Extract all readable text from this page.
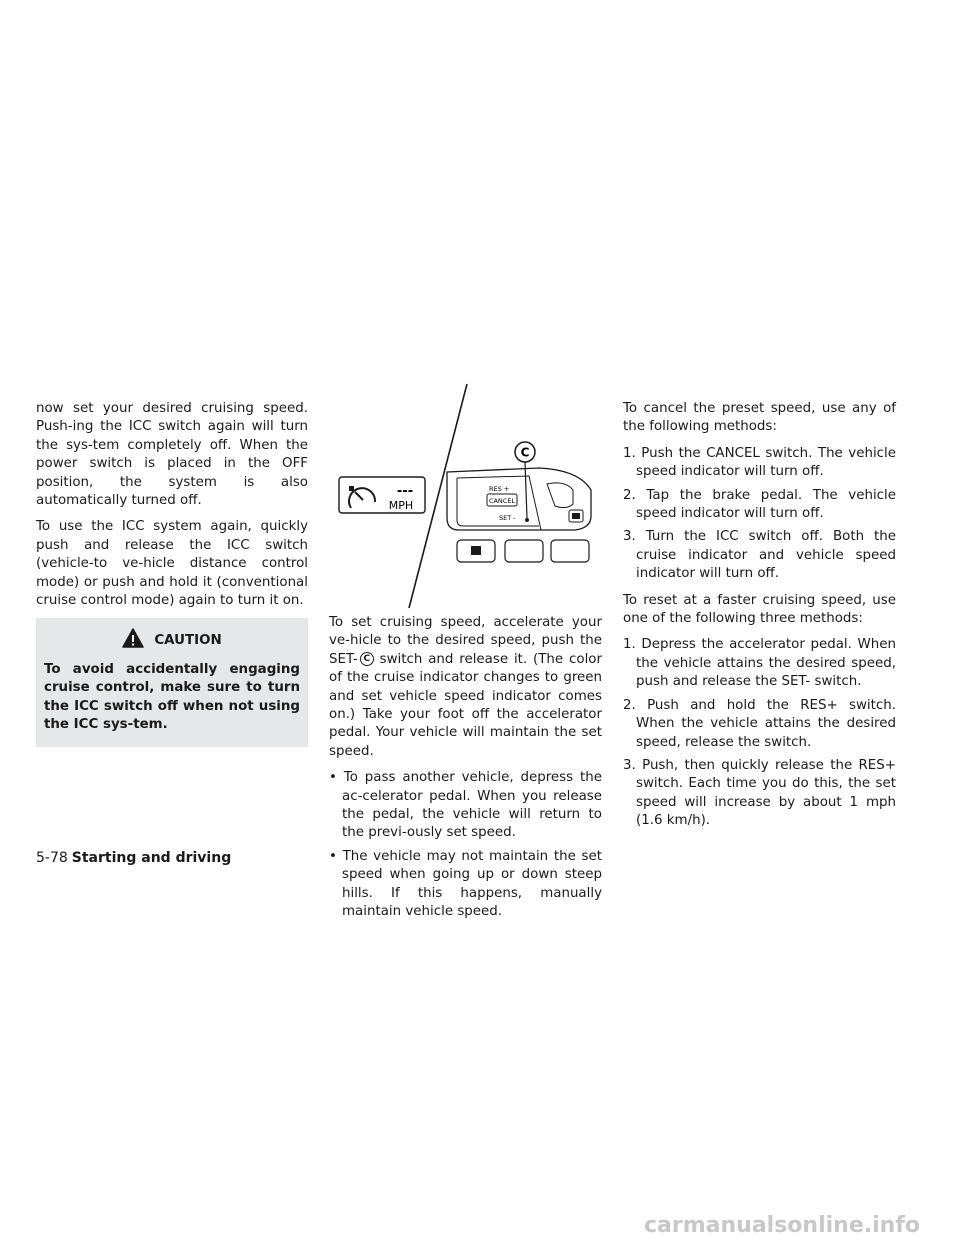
now set your desired cruising speed. Push-ing the ICC switch again will turn the sys-tem completely off. When the power switch is placed in the OFF position, the system is also automatically turned off.

To use the ICC system again, quickly push and release the ICC switch (vehicle-to ve-hicle distance control mode) or push and hold it (conventional cruise control mode) again to turn it on.

CAUTION
To avoid accidentally engaging cruise control, make sure to turn the ICC switch off when not using the ICC sys-tem.
---
MPH
RES +
CANCEL
SET -
C

To set cruising speed, accelerate your ve-hicle to the desired speed, push the SET- C switch and release it. (The color of the cruise indicator changes to green and set vehicle speed indicator comes on.) Take your foot off the accelerator pedal. Your vehicle will maintain the set speed.

• To pass another vehicle, depress the ac-celerator pedal. When you release the pedal, the vehicle will return to the previ-ously set speed.
• The vehicle may not maintain the set speed when going up or down steep hills. If this happens, manually maintain vehicle speed.

To cancel the preset speed, use any of the following methods:

1. Push the CANCEL switch. The vehicle speed indicator will turn off.
2. Tap the brake pedal. The vehicle speed indicator will turn off.
3. Turn the ICC switch off. Both the cruise indicator and vehicle speed indicator will turn off.

To reset at a faster cruising speed, use one of the following three methods:

1. Depress the accelerator pedal. When the vehicle attains the desired speed, push and release the SET- switch.
2. Push and hold the RES+ switch. When the vehicle attains the desired speed, release the switch.
3. Push, then quickly release the RES+ switch. Each time you do this, the set speed will increase by about 1 mph (1.6 km/h).
5-78 Starting and driving
carmanualsonline.info
